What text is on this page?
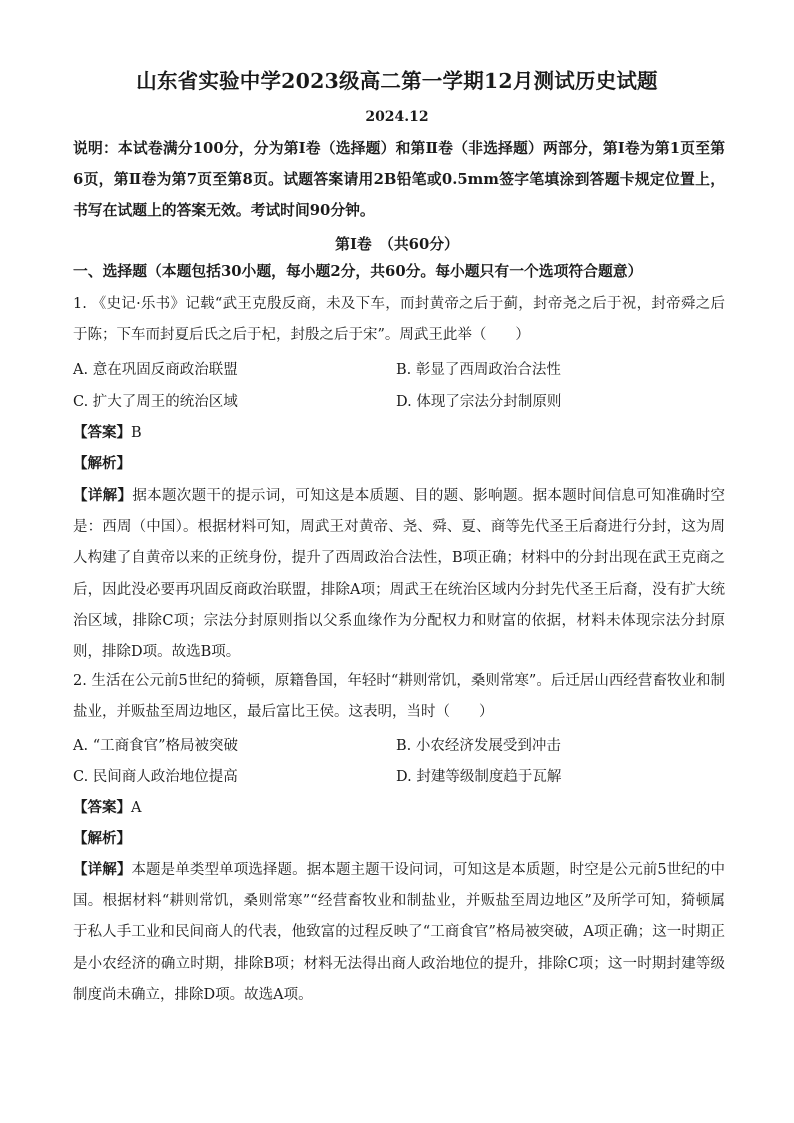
山东省实验中学2023级高二第一学期12月测试历史试题
2024.12
说明：本试卷满分100分，分为第Ⅰ卷（选择题）和第Ⅱ卷（非选择题）两部分，第Ⅰ卷为第1页至第6页，第Ⅱ卷为第7页至第8页。试题答案请用2B铅笔或0.5mm签字笔填涂到答题卡规定位置上，书写在试题上的答案无效。考试时间90分钟。
第Ⅰ卷　（共60分）
一、选择题（本题包括30小题，每小题2分，共60分。每小题只有一个选项符合题意）
1. 《史记·乐书》记载“武王克殷反商，未及下车，而封黄帝之后于蓟，封帝尧之后于祝，封帝舜之后于陈；下车而封夏后氏之后于杞，封殷之后于宋”。周武王此举（　　）
A. 意在巩固反商政治联盟	B. 彰显了西周政治合法性
C. 扩大了周王的统治区域	D. 体现了宗法分封制原则
【答案】B
【解析】
【详解】据本题次题干的提示词，可知这是本质题、目的题、影响题。据本题时间信息可知准确时空是：西周（中国）。根据材料可知，周武王对黄帝、尧、舜、夏、商等先代圣王后裔进行分封，这为周人构建了自黄帝以来的正统身份，提升了西周政治合法性，B项正确；材料中的分封出现在武王克商之后，因此没必要再巩固反商政治联盟，排除A项；周武王在统治区域内分封先代圣王后裔，没有扩大统治区域，排除C项；宗法分封原则指以父系血缘作为分配权力和财富的依据，材料未体现宗法分封原则，排除D项。故选B项。
2. 生活在公元前5世纪的猗顿，原籍鲁国，年轻时“耕则常饥，桑则常寒”。后迁居山西经营畜牧业和制盐业，并贩盐至周边地区，最后富比王侯。这表明，当时（　　）
A. “工商食官”格局被突破	B. 小农经济发展受到冲击
C. 民间商人政治地位提高	D. 封建等级制度趋于瓦解
【答案】A
【解析】
【详解】本题是单类型单项选择题。据本题主题干设问词，可知这是本质题，时空是公元前5世纪的中国。根据材料“耕则常饥，桑则常寒”“经营畜牧业和制盐业，并贩盐至周边地区”及所学可知，猗顿属于私人手工业和民间商人的代表，他致富的过程反映了“工商食官”格局被突破，A项正确；这一时期正是小农经济的确立时期，排除B项；材料无法得出商人政治地位的提升，排除C项；这一时期封建等级制度尚未确立，排除D项。故选A项。
